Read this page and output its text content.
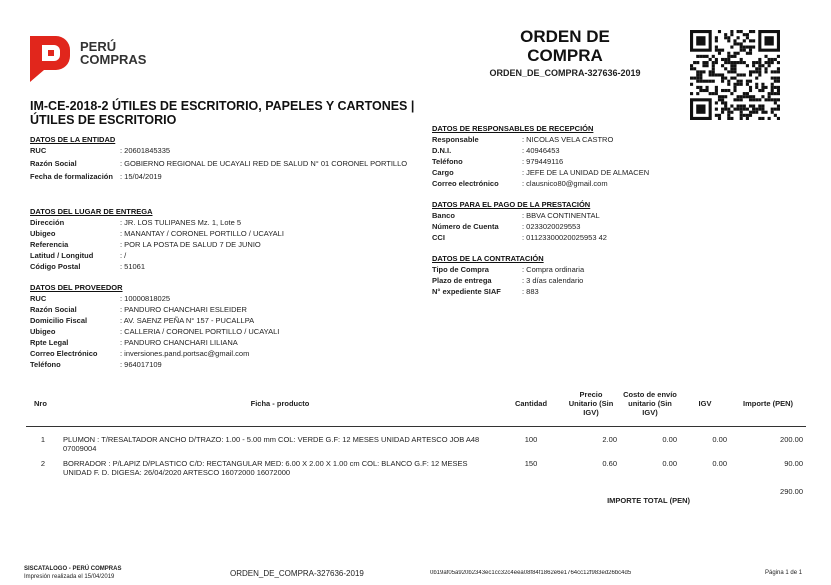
PERÚ
COMPRAS
ORDEN DE
COMPRA
ORDEN_DE_COMPRA-327636-2019
IM-CE-2018-2 ÚTILES DE ESCRITORIO, PAPELES Y CARTONES | ÚTILES DE ESCRITORIO
DATOS DE LA ENTIDAD
RUC	: 20601845335
Razón Social	: GOBIERNO REGIONAL DE UCAYALI RED DE SALUD N° 01 CORONEL PORTILLO
Fecha de formalización	: 15/04/2019
DATOS DEL LUGAR DE ENTREGA
Dirección	: JR. LOS TULIPANES Mz. 1, Lote 5
Ubigeo	: MANANTAY / CORONEL PORTILLO / UCAYALI
Referencia	: POR LA POSTA DE SALUD 7 DE JUNIO
Latitud / Longitud	: /
Código Postal	: 51061
DATOS DEL PROVEEDOR
RUC	: 10000818025
Razón Social	: PANDURO CHANCHARI ESLEIDER
Domicilio Fiscal	: AV. SAENZ PEÑA N° 157 - PUCALLPA
Ubigeo	: CALLERIA / CORONEL PORTILLO / UCAYALI
Rpte Legal	: PANDURO CHANCHARI LILIANA
Correo Electrónico	: inversiones.pand.portsac@gmail.com
Teléfono	: 964017109
DATOS DE RESPONSABLES DE RECEPCIÓN
Responsable	: NICOLAS VELA CASTRO
D.N.I.	: 40946453
Teléfono	: 979449116
Cargo	: JEFE DE LA UNIDAD DE ALMACEN
Correo electrónico	: clausnico80@gmail.com
DATOS PARA EL PAGO DE LA PRESTACIÓN
Banco	: BBVA CONTINENTAL
Número de Cuenta	: 0233020029553
CCI	: 01123300020025953 42
DATOS DE LA CONTRATACIÓN
Tipo de Compra	: Compra ordinaria
Plazo de entrega	: 3 días calendario
N° expediente SIAF	: 883
Nro	Ficha - producto	Cantidad	Precio Unitario (Sin IGV)	Costo de envío unitario (Sin IGV)	IGV	Importe (PEN)
1	PLUMON : T/RESALTADOR ANCHO D/TRAZO: 1.00 - 5.00 mm COL: VERDE G.F: 12 MESES UNIDAD ARTESCO JOB A48 07009004	100	2.00	0.00	0.00	200.00
2	BORRADOR : P/LAPIZ D/PLASTICO C/D: RECTANGULAR MED: 6.00 X 2.00 X 1.00 cm COL: BLANCO G.F: 12 MESES UNIDAD F. D. DIGESA: 26/04/2020 ARTESCO 16072000 16072000	150	0.60	0.00	0.00	90.00
						290.00
IMPORTE TOTAL (PEN)
SISCATALOGO - PERÚ COMPRAS
Impresión realizada el 15/04/2019	ORDEN_DE_COMPRA-327636-2019	0b19af05a920b2343ec1cc32c4eea08f84f1862e6e1764cc12f983ed26bc4d5	Página 1 de 1
